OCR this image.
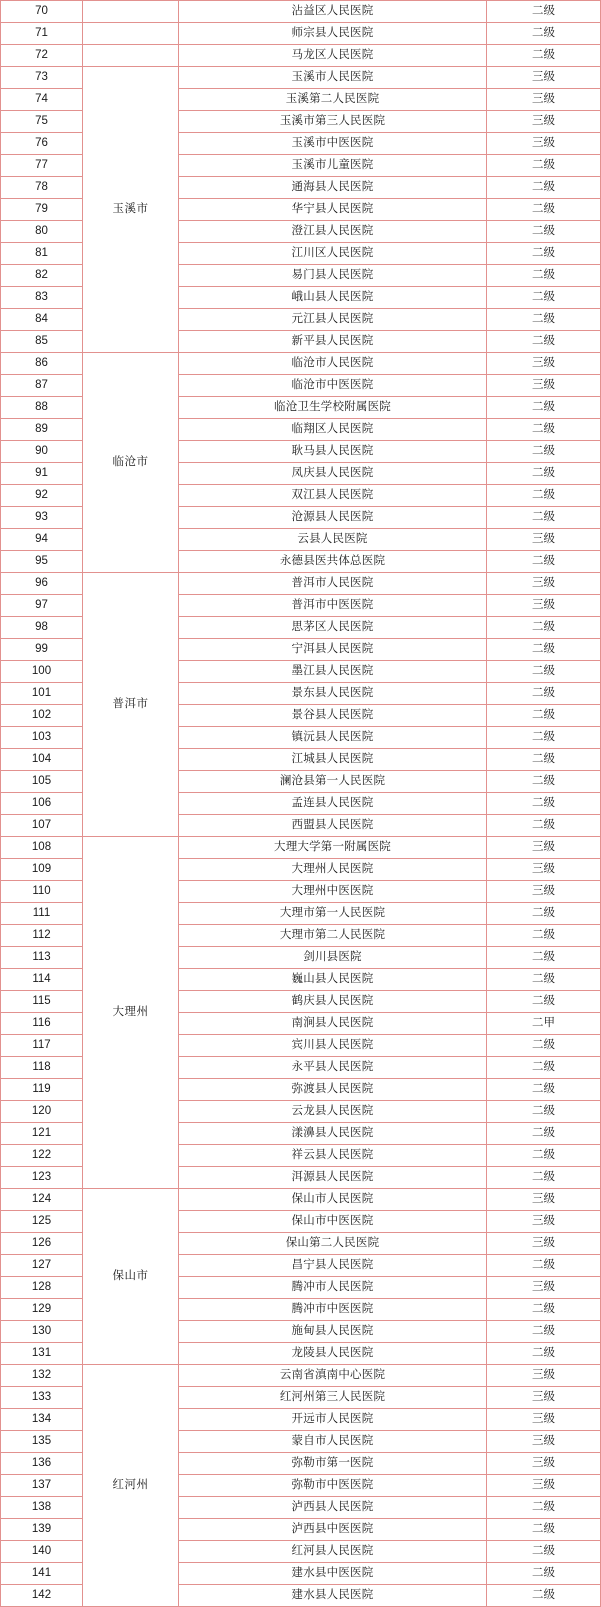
70		沾益区人民医院	二级
71		师宗县人民医院	二级
72		马龙区人民医院	二级
73	玉溪市	玉溪市人民医院	三级
74		玉溪第二人民医院	三级
75		玉溪市第三人民医院	三级
76		玉溪市中医医院	三级
77		玉溪市儿童医院	二级
78		通海县人民医院	二级
79		华宁县人民医院	二级
80		澄江县人民医院	二级
81		江川区人民医院	二级
82		易门县人民医院	二级
83		峨山县人民医院	二级
84		元江县人民医院	二级
85		新平县人民医院	二级
86	临沧市	临沧市人民医院	三级
87		临沧市中医医院	三级
88		临沧卫生学校附属医院	二级
89		临翔区人民医院	二级
90		耿马县人民医院	二级
91		凤庆县人民医院	二级
92		双江县人民医院	二级
93		沧源县人民医院	二级
94		云县人民医院	三级
95		永德县医共体总医院	二级
96	普洱市	普洱市人民医院	三级
97		普洱市中医医院	三级
98		思茅区人民医院	二级
99		宁洱县人民医院	二级
100		墨江县人民医院	二级
101		景东县人民医院	二级
102		景谷县人民医院	二级
103		镇沅县人民医院	二级
104		江城县人民医院	二级
105		澜沧县第一人民医院	二级
106		孟连县人民医院	二级
107		西盟县人民医院	二级
108	大理州	大理大学第一附属医院	三级
109		大理州人民医院	三级
110		大理州中医医院	三级
111		大理市第一人民医院	二级
112		大理市第二人民医院	二级
113		剑川县医院	二级
114		巍山县人民医院	二级
115		鹤庆县人民医院	二级
116		南涧县人民医院	二甲
117		宾川县人民医院	二级
118		永平县人民医院	二级
119		弥渡县人民医院	二级
120		云龙县人民医院	二级
121		漾濞县人民医院	二级
122		祥云县人民医院	二级
123		洱源县人民医院	二级
124	保山市	保山市人民医院	三级
125		保山市中医医院	三级
126		保山第二人民医院	三级
127		昌宁县人民医院	二级
128		腾冲市人民医院	三级
129		腾冲市中医医院	二级
130		施甸县人民医院	二级
131		龙陵县人民医院	二级
132	红河州	云南省滇南中心医院	三级
133		红河州第三人民医院	三级
134		开远市人民医院	三级
135		蒙自市人民医院	三级
136		弥勒市第一医院	三级
137		弥勒市中医医院	三级
138		泸西县人民医院	二级
139		泸西县中医医院	二级
140		红河县人民医院	二级
141		建水县中医医院	二级
142		建水县人民医院	二级
